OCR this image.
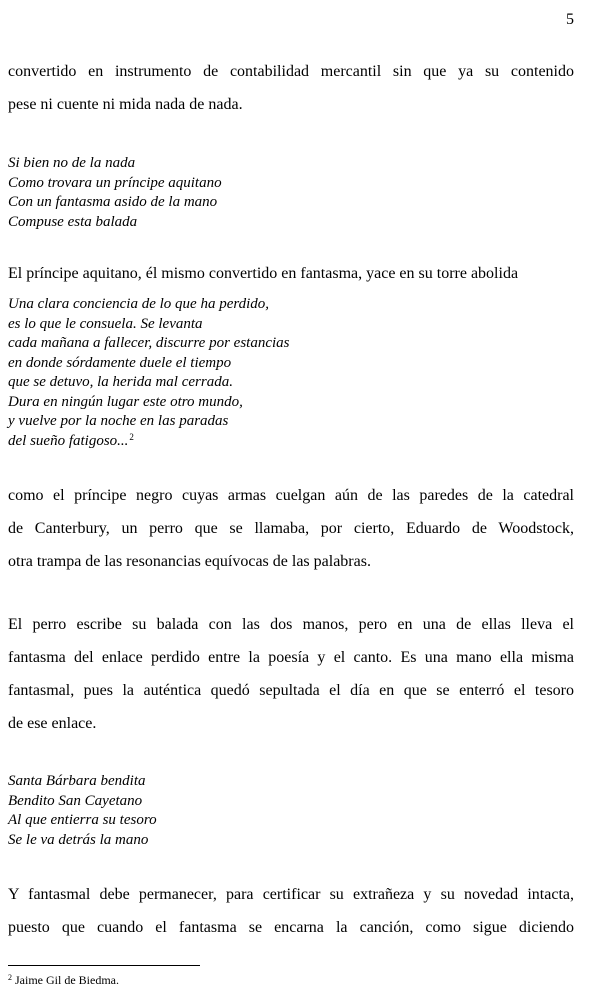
5
convertido en instrumento de contabilidad mercantil sin que ya su contenido
pese ni cuente ni mida nada de nada.
Si bien no de la nada
Como trovara un príncipe aquitano
Con un fantasma asido de la mano
Compuse esta balada
El príncipe aquitano, él mismo convertido en fantasma, yace en su torre abolida
Una clara conciencia de lo que ha perdido,
es lo que le consuela. Se levanta
cada mañana a fallecer, discurre por estancias
en donde sórdamente duele el tiempo
que se detuvo, la herida mal cerrada.
Dura en ningún lugar este otro mundo,
y vuelve por la noche en las paradas
del sueño fatigoso...$^2$
como el príncipe negro cuyas armas cuelgan aún de las paredes de la catedral
de Canterbury, un perro que se llamaba, por cierto, Eduardo de Woodstock,
otra trampa de las resonancias equívocas de las palabras.
El perro escribe su balada con las dos manos, pero en una de ellas lleva el
fantasma del enlace perdido entre la poesía y el canto. Es una mano ella misma
fantasmal, pues la auténtica quedó sepultada el día en que se enterró el tesoro
de ese enlace.
Santa Bárbara bendita
Bendito San Cayetano
Al que entierra su tesoro
Se le va detrás la mano
Y fantasmal debe permanecer, para certificar su extrañeza y su novedad intacta,
puesto que cuando el fantasma se encarna la canción, como sigue diciendo
$^2$ Jaime Gil de Biedma.
